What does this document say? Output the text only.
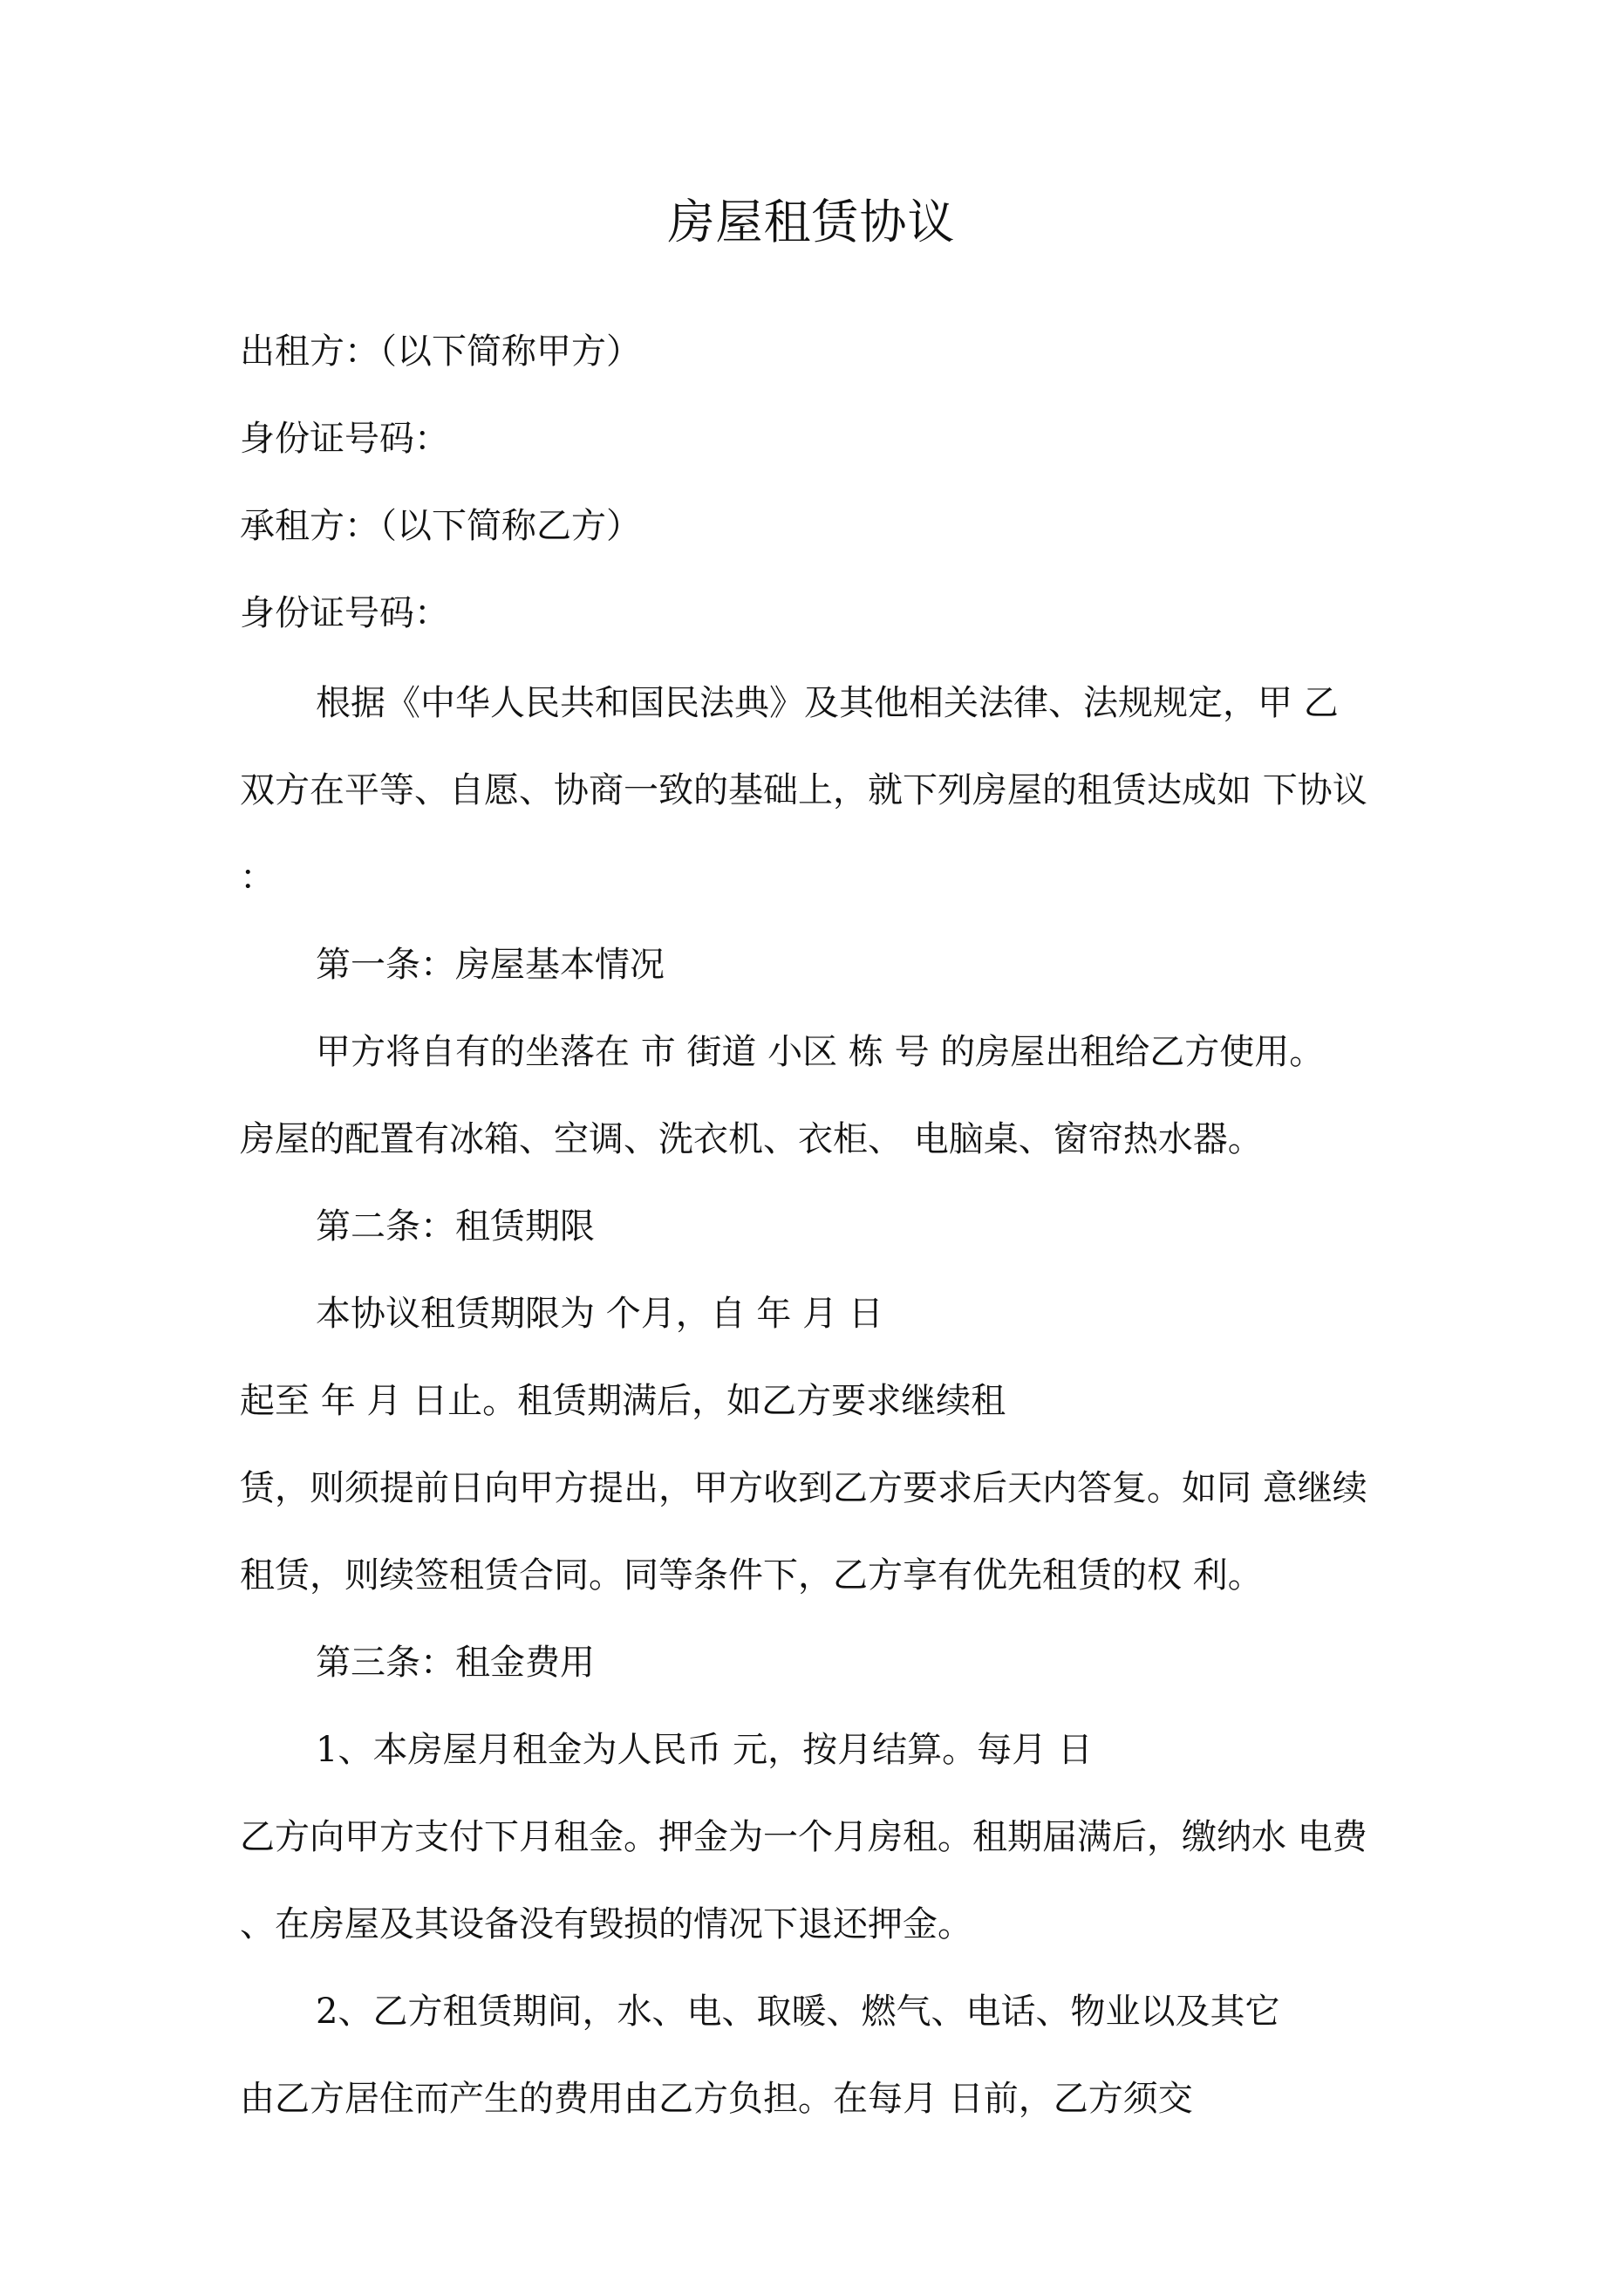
房屋租赁协议
出租方：（以下简称甲方）
身份证号码：
承租方：（以下简称乙方）
身份证号码：
根据《中华人民共和国民法典》及其他相关法律、法规规定，甲 乙
双方在平等、自愿、协商一致的基础上，就下列房屋的租赁达成如 下协议
：
第一条：房屋基本情况
甲方将自有的坐落在 市 街道 小区 栋 号 的房屋出租给乙方使用。
房屋的配置有冰箱、空调、洗衣机、衣柜、 电脑桌、窗帘热水器。
第二条：租赁期限
本协议租赁期限为 个月，自 年 月 日
起至 年 月 日止。租赁期满后，如乙方要求继续租
赁，则须提前日向甲方提出，甲方收到乙方要求后天内答复。如同 意继续
租赁，则续签租赁合同。同等条件下，乙方享有优先租赁的权 利。
第三条：租金费用
1、本房屋月租金为人民币 元，按月结算。每月 日
乙方向甲方支付下月租金。押金为一个月房租。租期届满后，缴纳水 电费
、在房屋及其设备没有毁损的情况下退还押金。
2、乙方租赁期间，水、电、取暖、燃气、电话、物业以及其它
由乙方居住而产生的费用由乙方负担。在每月 日前，乙方须交
